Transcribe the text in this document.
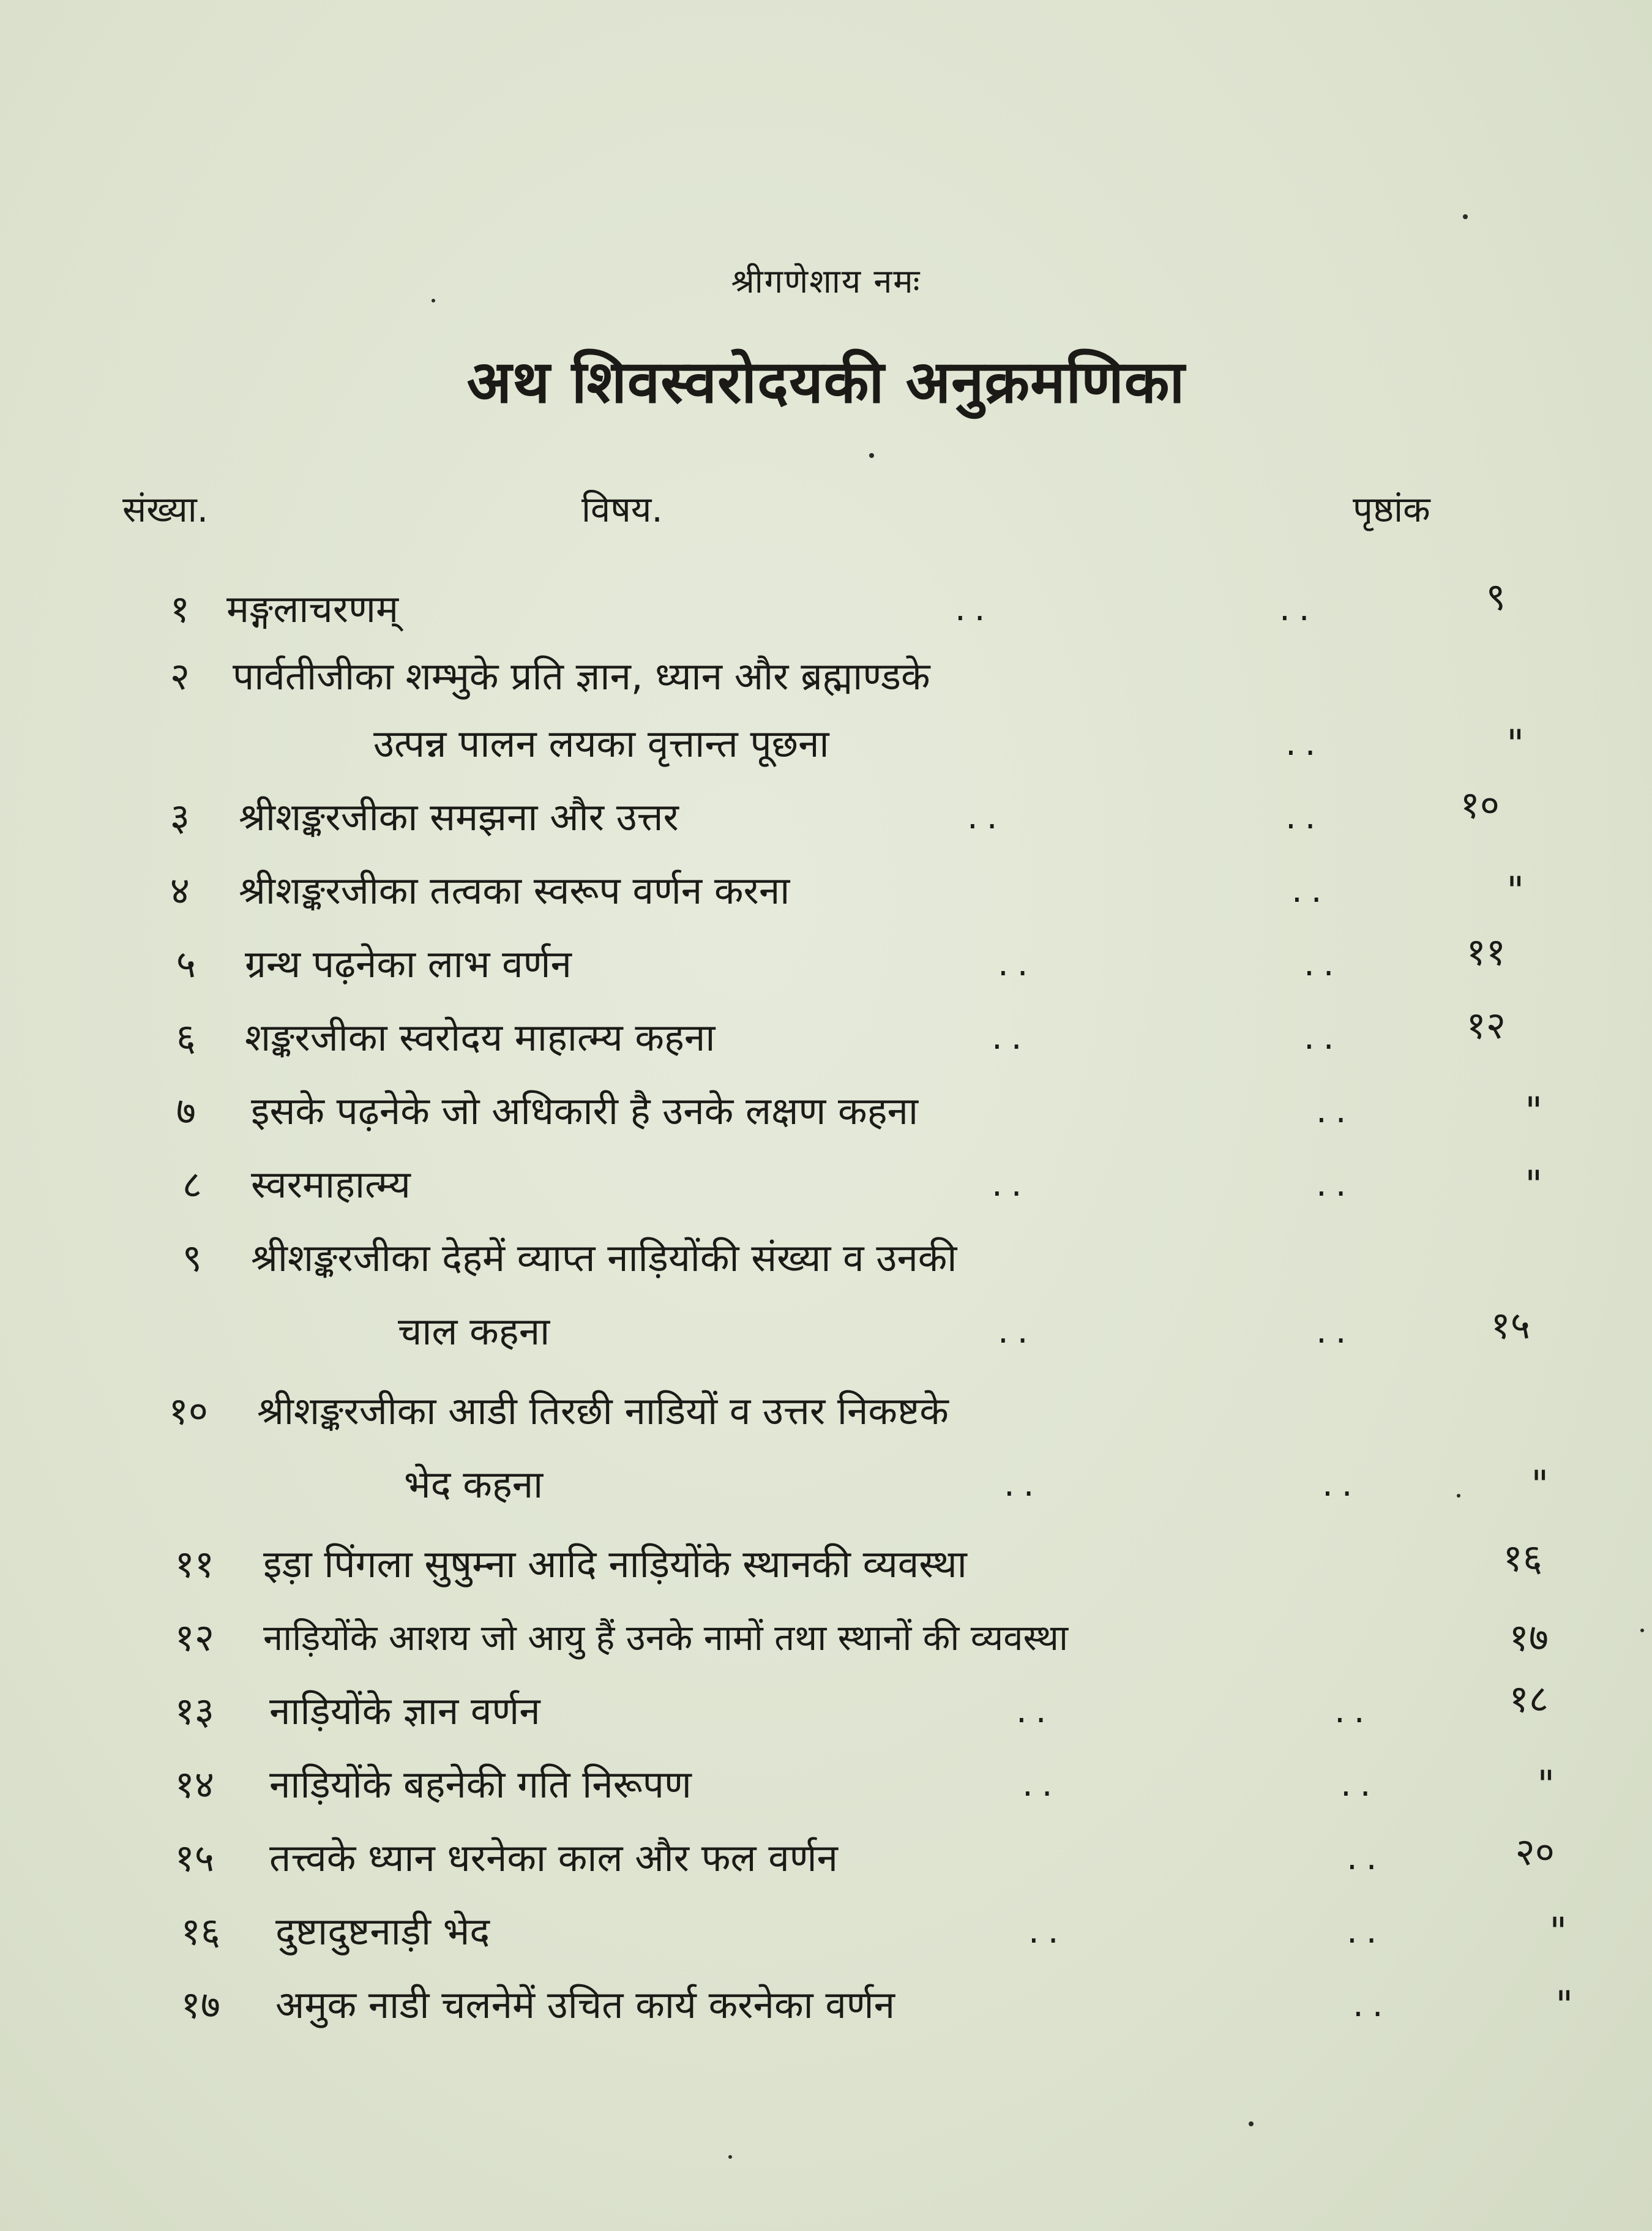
श्रीगणेशाय नमः
अथ शिवस्वरोदयकी अनुक्रमणिका
संख्या.	विषय.	पृष्ठांक
१ मङ्गलाचरणम्	..	..	९
२ पार्वतीजीका शम्भुके प्रति ज्ञान, ध्यान और ब्रह्माण्डके
उत्पन्न पालन लयका वृत्तान्त पूछना	..	"
३ श्रीशङ्करजीका समझना और उत्तर	..	..	१०
४ श्रीशङ्करजीका तत्वका स्वरूप वर्णन करना	..	"
५ ग्रन्थ पढ़नेका लाभ वर्णन	..	..	११
६ शङ्करजीका स्वरोदय माहात्म्य कहना	..	..	१२
७ इसके पढ़नेके जो अधिकारी है उनके लक्षण कहना	..	"
८ स्वरमाहात्म्य	..	..	"
९ श्रीशङ्करजीका देहमें व्याप्त नाड़ियोंकी संख्या व उनकी
चाल कहना	..	..	१५
१० श्रीशङ्करजीका आडी तिरछी नाडियों व उत्तर निकष्टके
भेद कहना	..	..	"
११ इड़ा पिंगला सुषुम्ना आदि नाड़ियोंके स्थानकी व्यवस्था	१६
१२ नाड़ियोंके आशय जो आयु हैं उनके नामों तथा स्थानों की व्यवस्था	१७
१३ नाड़ियोंके ज्ञान वर्णन	..	..	१८
१४ नाड़ियोंके बहनेकी गति निरूपण	..	..	"
१५ तत्त्वके ध्यान धरनेका काल और फल वर्णन	..	२०
१६ दुष्टादुष्टनाड़ी भेद	..	..	"
१७ अमुक नाडी चलनेमें उचित कार्य करनेका वर्णन	..	"
